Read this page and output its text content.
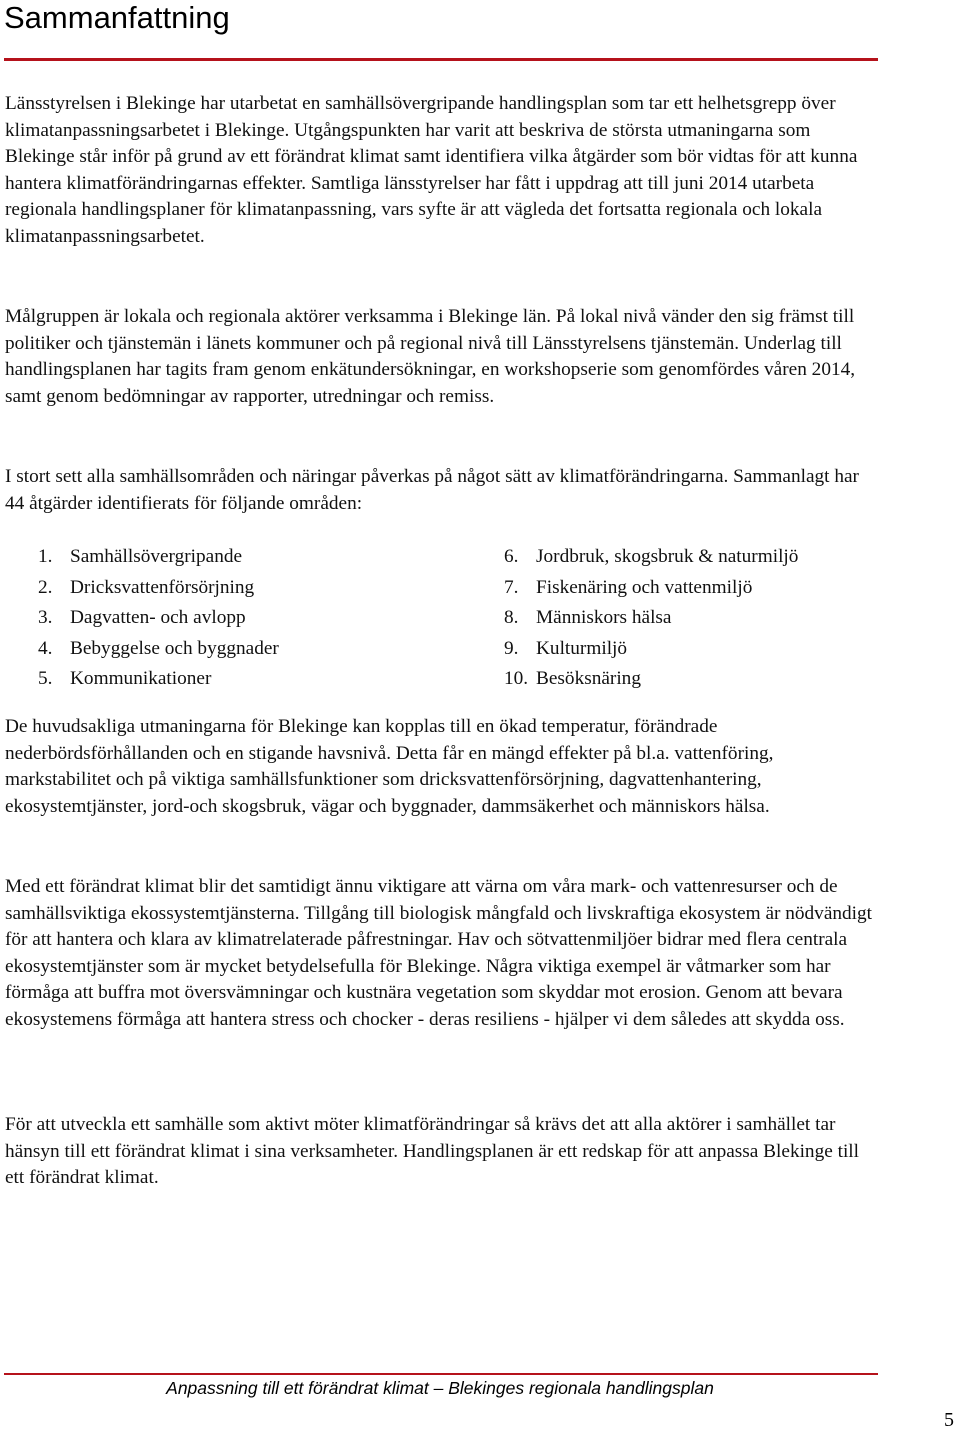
Sammanfattning

Länsstyrelsen i Blekinge har utarbetat en samhällsövergripande handlingsplan som tar ett helhetsgrepp över klimatanpassningsarbetet i Blekinge. Utgångspunkten har varit att beskriva de största utmaningarna som Blekinge står inför på grund av ett förändrat klimat samt identifiera vilka åtgärder som bör vidtas för att kunna hantera klimatförändringarnas effekter. Samtliga länsstyrelser har fått i uppdrag att till juni 2014 utarbeta regionala handlingsplaner för klimatanpassning, vars syfte är att vägleda det fortsatta regionala och lokala klimatanpassningsarbetet.

Målgruppen är lokala och regionala aktörer verksamma i Blekinge län. På lokal nivå vänder den sig främst till politiker och tjänstemän i länets kommuner och på regional nivå till Länsstyrelsens tjänstemän. Underlag till handlingsplanen har tagits fram genom enkätundersökningar, en workshopserie som genomfördes våren 2014, samt genom bedömningar av rapporter, utredningar och remiss.

I stort sett alla samhällsområden och näringar påverkas på något sätt av klimatförändringarna. Sammanlagt har 44 åtgärder identifierats för följande områden:

1. Samhällsövergripande
2. Dricksvattenförsörjning
3. Dagvatten- och avlopp
4. Bebyggelse och byggnader
5. Kommunikationer
6. Jordbruk, skogsbruk & naturmiljö
7. Fiskenäring och vattenmiljö
8. Människors hälsa
9. Kulturmiljö
10. Besöksnäring

De huvudsakliga utmaningarna för Blekinge kan kopplas till en ökad temperatur, förändrade nederbördsförhållanden och en stigande havsnivå. Detta får en mängd effekter på bl.a. vattenföring, markstabilitet och på viktiga samhällsfunktioner som dricksvattenförsörjning, dagvattenhantering, ekosystemtjänster, jord-och skogsbruk, vägar och byggnader, dammsäkerhet och människors hälsa.

Med ett förändrat klimat blir det samtidigt ännu viktigare att värna om våra mark- och vattenresurser och de samhällsviktiga ekossystemtjänsterna. Tillgång till biologisk mångfald och livskraftiga ekosystem är nödvändigt för att hantera och klara av klimatrelaterade påfrestningar. Hav och sötvattenmiljöer bidrar med flera centrala ekosystemtjänster som är mycket betydelsefulla för Blekinge. Några viktiga exempel är våtmarker som har förmåga att buffra mot översvämningar och kustnära vegetation som skyddar mot erosion. Genom att bevara ekosystemens förmåga att hantera stress och chocker - deras resiliens - hjälper vi dem således att skydda oss.

För att utveckla ett samhälle som aktivt möter klimatförändringar så krävs det att alla aktörer i samhället tar hänsyn till ett förändrat klimat i sina verksamheter. Handlingsplanen är ett redskap för att anpassa Blekinge till ett förändrat klimat.

Anpassning till ett förändrat klimat – Blekinges regionala handlingsplan

5
